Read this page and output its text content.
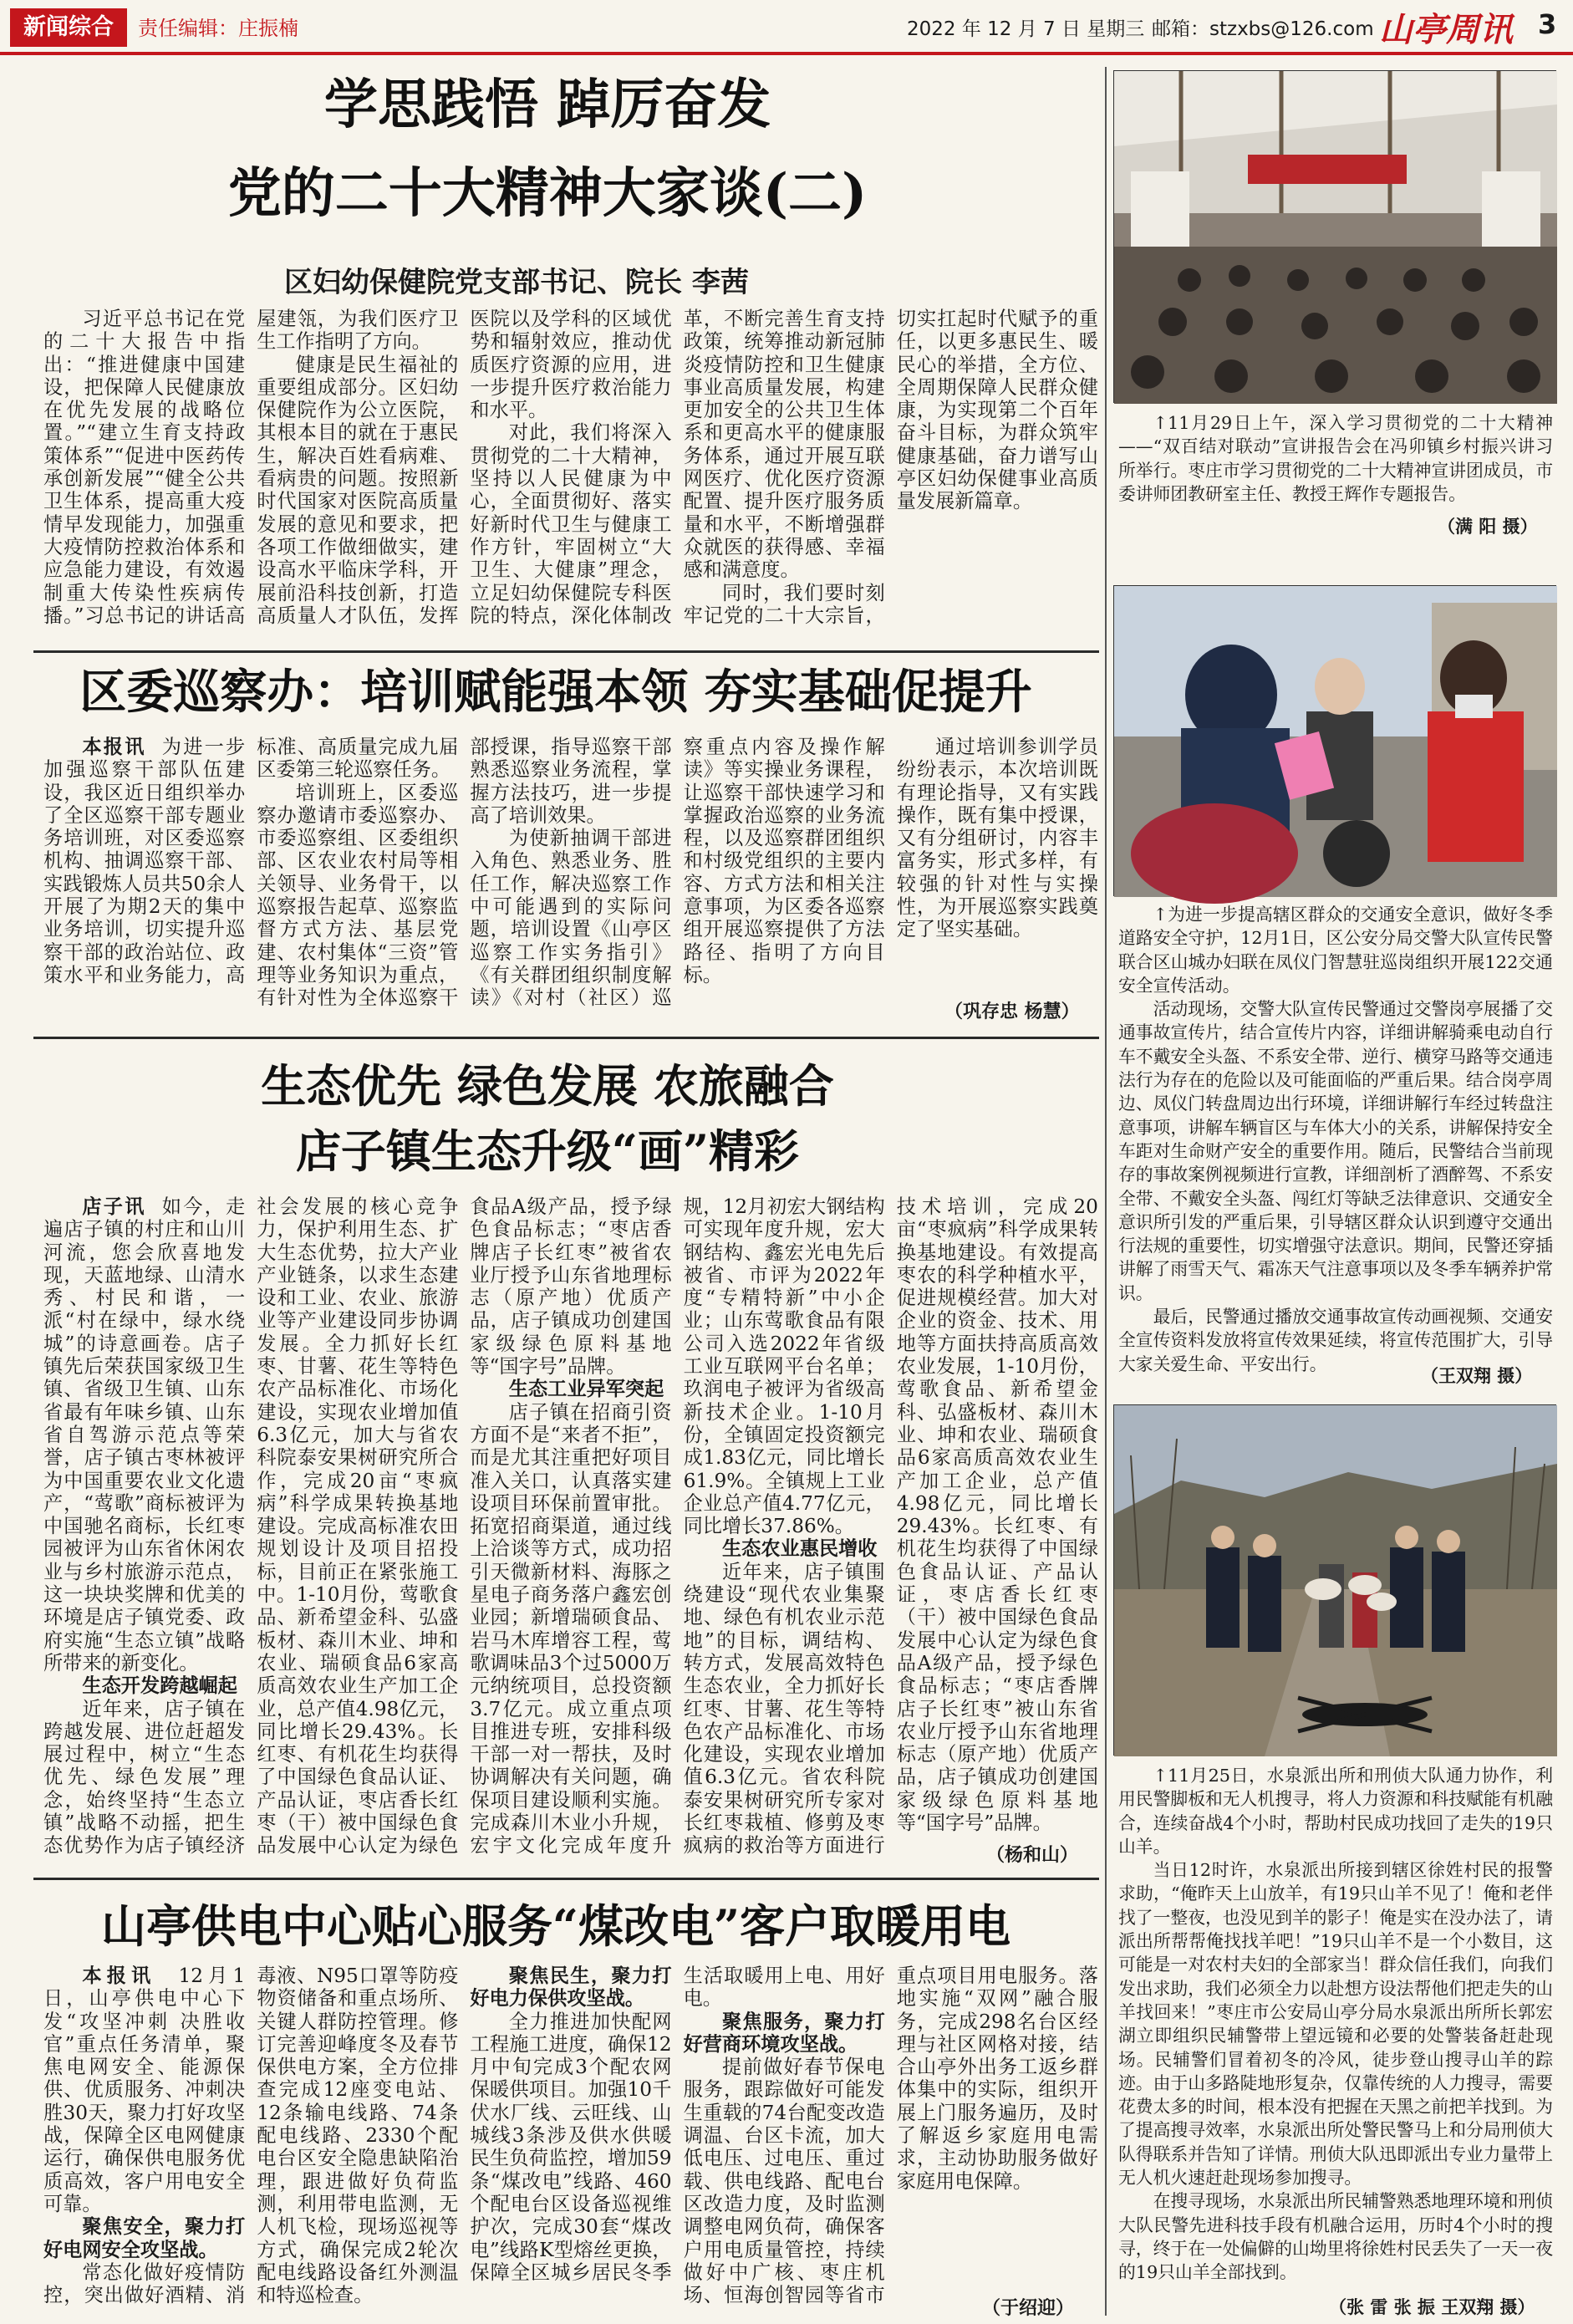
新闻综合	责任编辑：庄振楠	2022 年 12 月 7 日 星期三 邮箱：stzxbs@126.com 山亭周讯 3
学思践悟 踔厉奋发
党的二十大精神大家谈(二)
区妇幼保健院党支部书记、院长 李茜

习近平总书记在党的二十大报告中指出：“推进健康中国建设，把保障人民健康放在优先发展的战略位置。”“建立生育支持政策体系”“促进中医药传承创新发展”“健全公共卫生体系，提高重大疫情早发现能力，加强重大疫情防控救治体系和应急能力建设，有效遏制重大传染性疾病传播。”习总书记的讲话高屋建瓴，为我们医疗卫生工作指明了方向。

健康是民生福祉的重要组成部分。区妇幼保健院作为公立医院，其根本目的就在于惠民生，解决百姓看病难、看病贵的问题。按照新时代国家对医院高质量发展的意见和要求，把各项工作做细做实，建设高水平临床学科，开展前沿科技创新，打造高质量人才队伍，发挥医院以及学科的区域优势和辐射效应，推动优质医疗资源的应用，进一步提升医疗救治能力和水平。

对此，我们将深入贯彻党的二十大精神，坚持以人民健康为中心，全面贯彻好、落实好新时代卫生与健康工作方针，牢固树立“大卫生、大健康”理念，立足妇幼保健院专科医院的特点，深化体制改革，不断完善生育支持政策，统筹推动新冠肺炎疫情防控和卫生健康事业高质量发展，构建更加安全的公共卫生体系和更高水平的健康服务体系，通过开展互联网医疗、优化医疗资源配置、提升医疗服务质量和水平，不断增强群众就医的获得感、幸福感和满意度。

同时，我们要时刻牢记党的二十大宗旨，切实扛起时代赋予的重任，以更多惠民生、暖民心的举措，全方位、全周期保障人民群众健康，为实现第二个百年奋斗目标，为群众筑牢健康基础，奋力谱写山亭区妇幼保健事业高质量发展新篇章。

区委巡察办：培训赋能强本领 夯实基础促提升

本报讯 为进一步加强巡察干部队伍建设，我区近日组织举办了全区巡察干部专题业务培训班，对区委巡察机构、抽调巡察干部、实践锻炼人员共50余人开展了为期2天的集中业务培训，切实提升巡察干部的政治站位、政策水平和业务能力，高标准、高质量完成九届区委第三轮巡察任务。

培训班上，区委巡察办邀请市委巡察办、市委巡察组、区委组织部、区农业农村局等相关领导、业务骨干，以巡察报告起草、巡察监督方式方法、基层党建、农村集体“三资”管理等业务知识为重点，有针对性为全体巡察干部授课，指导巡察干部熟悉巡察业务流程，掌握方法技巧，进一步提高了培训效果。

为使新抽调干部进入角色、熟悉业务、胜任工作，解决巡察工作中可能遇到的实际问题，培训设置《山亭区巡察工作实务指引》《有关群团组织制度解读》《对村（社区）巡察重点内容及操作解读》等实操业务课程，让巡察干部快速学习和掌握政治巡察的业务流程，以及巡察群团组织和村级党组织的主要内容、方式方法和相关注意事项，为区委各巡察组开展巡察提供了方法路径、指明了方向目标。

通过培训参训学员纷纷表示，本次培训既有理论指导，又有实践操作，既有集中授课，又有分组研讨，内容丰富务实，形式多样，有较强的针对性与实操性，为开展巡察实践奠定了坚实基础。

（巩存忠 杨慧）
生态优先 绿色发展 农旅融合
店子镇生态升级“画”精彩

店子讯 如今，走遍店子镇的村庄和山川河流，您会欣喜地发现，天蓝地绿、山清水秀、村民和谐，一派“村在绿中，绿水绕城”的诗意画卷。店子镇先后荣获国家级卫生镇、省级卫生镇、山东省最有年味乡镇、山东省自驾游示范点等荣誉，店子镇古枣林被评为中国重要农业文化遗产，“莺歌”商标被评为中国驰名商标，长红枣园被评为山东省休闲农业与乡村旅游示范点，这一块块奖牌和优美的环境是店子镇党委、政府实施“生态立镇”战略所带来的新变化。

生态开发跨越崛起

近年来，店子镇在跨越发展、进位赶超发展过程中，树立“生态优先、绿色发展”理念，始终坚持“生态立镇”战略不动摇，把生态优势作为店子镇经济社会发展的核心竞争力，保护利用生态、扩大生态优势，拉大产业产业链条，以求生态建设和工业、农业、旅游业等产业建设同步协调发展。全力抓好长红枣、甘薯、花生等特色农产品标准化、市场化建设，实现农业增加值6.3亿元，加大与省农科院泰安果树研究所合作，完成20亩“枣疯病”科学成果转换基地建设。完成高标准农田规划设计及项目招投标，目前正在紧张施工中。1-10月份，莺歌食品、新希望金科、弘盛板材、森川木业、坤和农业、瑞硕食品6家高质高效农业生产加工企业，总产值4.98亿元，同比增长29.43%。长红枣、有机花生均获得了中国绿色食品认证、产品认证，枣店香长红枣（干）被中国绿色食品发展中心认定为绿色食品A级产品，授予绿色食品标志；“枣店香牌店子长红枣”被省农业厅授予山东省地理标志（原产地）优质产品，店子镇成功创建国家级绿色原料基地等“国字号”品牌。

生态工业异军突起

店子镇在招商引资方面不是“来者不拒”，而是尤其注重把好项目准入关口，认真落实建设项目环保前置审批。拓宽招商渠道，通过线上洽谈等方式，成功招引天微新材料、海豚之星电子商务落户鑫宏创业园；新增瑞硕食品、岩马木库增容工程，莺歌调味品3个过5000万元纳统项目，总投资额3.7亿元。成立重点项目推进专班，安排科级干部一对一帮扶，及时协调解决有关问题，确保项目建设顺利实施。完成森川木业小升规，宏宇文化完成年度升规，12月初宏大钢结构可实现年度升规，宏大钢结构、鑫宏光电先后被省、市评为2022年度“专精特新”中小企业；山东莺歌食品有限公司入选2022年省级工业互联网平台名单；玖润电子被评为省级高新技术企业。1-10月份，全镇固定投资额完成1.83亿元，同比增长61.9%。全镇规上工业企业总产值4.77亿元，同比增长37.86%。

生态农业惠民增收

近年来，店子镇围绕建设“现代农业集聚地、绿色有机农业示范地”的目标，调结构、转方式，发展高效特色生态农业，全力抓好长红枣、甘薯、花生等特色农产品标准化、市场化建设，实现农业增加值6.3亿元。省农科院泰安果树研究所专家对长红枣栽植、修剪及枣疯病的救治等方面进行技术培训，完成20亩“枣疯病”科学成果转换基地建设。有效提高枣农的科学种植水平，促进规模经营。加大对企业的资金、技术、用地等方面扶持高质高效农业发展，1-10月份，莺歌食品、新希望金科、弘盛板材、森川木业、坤和农业、瑞硕食品6家高质高效农业生产加工企业，总产值4.98亿元，同比增长29.43%。长红枣、有机花生均获得了中国绿色食品认证、产品认证，枣店香长红枣（干）被中国绿色食品发展中心认定为绿色食品A级产品，授予绿色食品标志；“枣店香牌店子长红枣”被山东省农业厅授予山东省地理标志（原产地）优质产品，店子镇成功创建国家级绿色原料基地等“国字号”品牌。

（杨和山）
山亭供电中心贴心服务“煤改电”客户取暖用电

本报讯 12月1日，山亭供电中心下发“攻坚冲刺 决胜收官”重点任务清单，聚焦电网安全、能源保供、优质服务、冲刺决胜30天，聚力打好攻坚战，保障全区电网健康运行，确保供电服务优质高效，客户用电安全可靠。

聚焦安全，聚力打好电网安全攻坚战。

常态化做好疫情防控，突出做好酒精、消毒液、N95口罩等防疫物资储备和重点场所、关键人群防控管理。修订完善迎峰度冬及春节保供电方案，全方位排查完成12座变电站、12条输电线路、74条配电线路、2330个配电台区安全隐患缺陷治理，跟进做好负荷监测，利用带电监测，无人机飞检，现场巡视等方式，确保完成2轮次配电线路设备红外测温和特巡检查。

聚焦民生，聚力打好电力保供攻坚战。

全力推进加快配网工程施工进度，确保12月中旬完成3个配农网保暖供项目。加强10千伏水厂线、云旺线、山城线3条涉及供水供暖民生负荷监控，增加59条“煤改电”线路、460个配电台区设备巡视维护次，完成30套“煤改电”线路K型熔丝更换，保障全区城乡居民冬季生活取暖用上电、用好电。

聚焦服务，聚力打好营商环境攻坚战。

提前做好春节保电服务，跟踪做好可能发生重载的74台配变改造调温、台区卡流，加大低电压、过电压、重过载、供电线路、配电台区改造力度，及时监测调整电网负荷，确保客户用电质量管控，持续做好中广核、枣庄机场、恒海创智园等省市重点项目用电服务。落地实施“双网”融合服务，完成298名台区经理与社区网格对接，结合山亭外出务工返乡群体集中的实际，组织开展上门服务遍历，及时了解返乡家庭用电需求，主动协助服务做好家庭用电保障。

（于绍迎）

↑11月29日上午，深入学习贯彻党的二十大精神——“双百结对联动”宣讲报告会在冯卯镇乡村振兴讲习所举行。枣庄市学习贯彻党的二十大精神宣讲团成员，市委讲师团教研室主任、教授王辉作专题报告。

（满 阳 摄）

↑为进一步提高辖区群众的交通安全意识，做好冬季道路安全守护，12月1日，区公安分局交警大队宣传民警联合区山城办妇联在凤仪门智慧驻巡岗组织开展122交通安全宣传活动。

活动现场，交警大队宣传民警通过交警岗亭展播了交通事故宣传片，结合宣传片内容，详细讲解骑乘电动自行车不戴安全头盔、不系安全带、逆行、横穿马路等交通违法行为存在的危险以及可能面临的严重后果。结合岗亭周边、凤仪门转盘周边出行环境，详细讲解行车经过转盘注意事项，讲解车辆盲区与车体大小的关系，讲解保持安全车距对生命财产安全的重要作用。随后，民警结合当前现存的事故案例视频进行宣教，详细剖析了酒醉驾、不系安全带、不戴安全头盔、闯红灯等缺乏法律意识、交通安全意识所引发的严重后果，引导辖区群众认识到遵守交通出行法规的重要性，切实增强守法意识。期间，民警还穿插讲解了雨雪天气、霜冻天气注意事项以及冬季车辆养护常识。

最后，民警通过播放交通事故宣传动画视频、交通安全宣传资料发放将宣传效果延续，将宣传范围扩大，引导大家关爱生命、平安出行。

（王双翔 摄）

↑11月25日，水泉派出所和刑侦大队通力协作，利用民警脚板和无人机搜寻，将人力资源和科技赋能有机融合，连续奋战4个小时，帮助村民成功找回了走失的19只山羊。

当日12时许，水泉派出所接到辖区徐姓村民的报警求助，“俺昨天上山放羊，有19只山羊不见了！俺和老伴找了一整夜，也没见到羊的影子！俺是实在没办法了，请派出所帮帮俺找找羊吧！”19只山羊不是一个小数目，这可能是一对农村夫妇的全部家当！群众信任我们，向我们发出求助，我们必须全力以赴想方设法帮他们把走失的山羊找回来！”枣庄市公安局山亭分局水泉派出所所长郭宏湖立即组织民辅警带上望远镜和必要的处警装备赶赴现场。民辅警们冒着初冬的冷风，徒步登山搜寻山羊的踪迹。由于山多路陡地形复杂，仅靠传统的人力搜寻，需要花费太多的时间，根本没有把握在天黑之前把羊找到。为了提高搜寻效率，水泉派出所处警民警马上和分局刑侦大队得联系并告知了详情。刑侦大队迅即派出专业力量带上无人机火速赶赴现场参加搜寻。

在搜寻现场，水泉派出所民辅警熟悉地理环境和刑侦大队民警先进科技手段有机融合运用，历时4个小时的搜寻，终于在一处偏僻的山坳里将徐姓村民丢失了一天一夜的19只山羊全部找到。

（张 雷 张 振 王双翔 摄）
